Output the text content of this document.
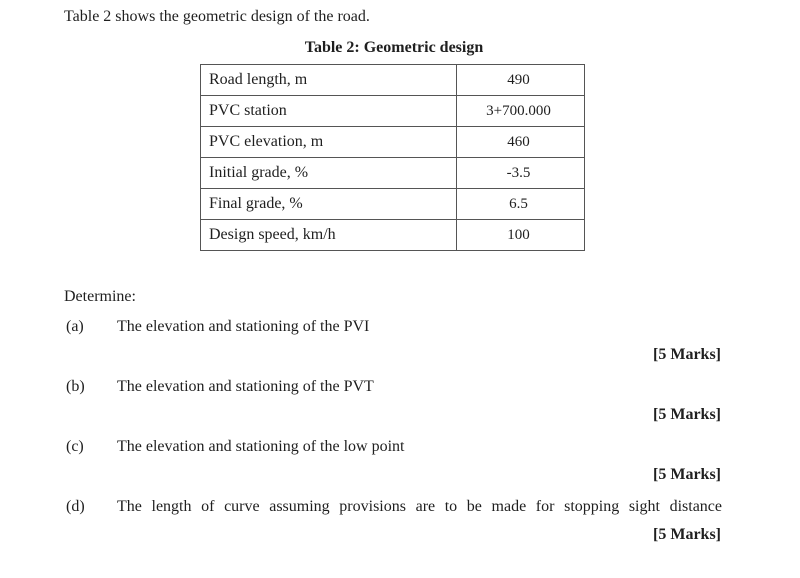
Table 2 shows the geometric design of the road.
Table 2: Geometric design
Road length, m	490
PVC station	3+700.000
PVC elevation, m	460
Initial grade, %	-3.5
Final grade, %	6.5
Design speed, km/h	100
Determine:
(a) The elevation and stationing of the PVI
[5 Marks]
(b) The elevation and stationing of the PVT
[5 Marks]
(c) The elevation and stationing of the low point
[5 Marks]
(d) The length of curve assuming provisions are to be made for stopping sight distance
[5 Marks]
